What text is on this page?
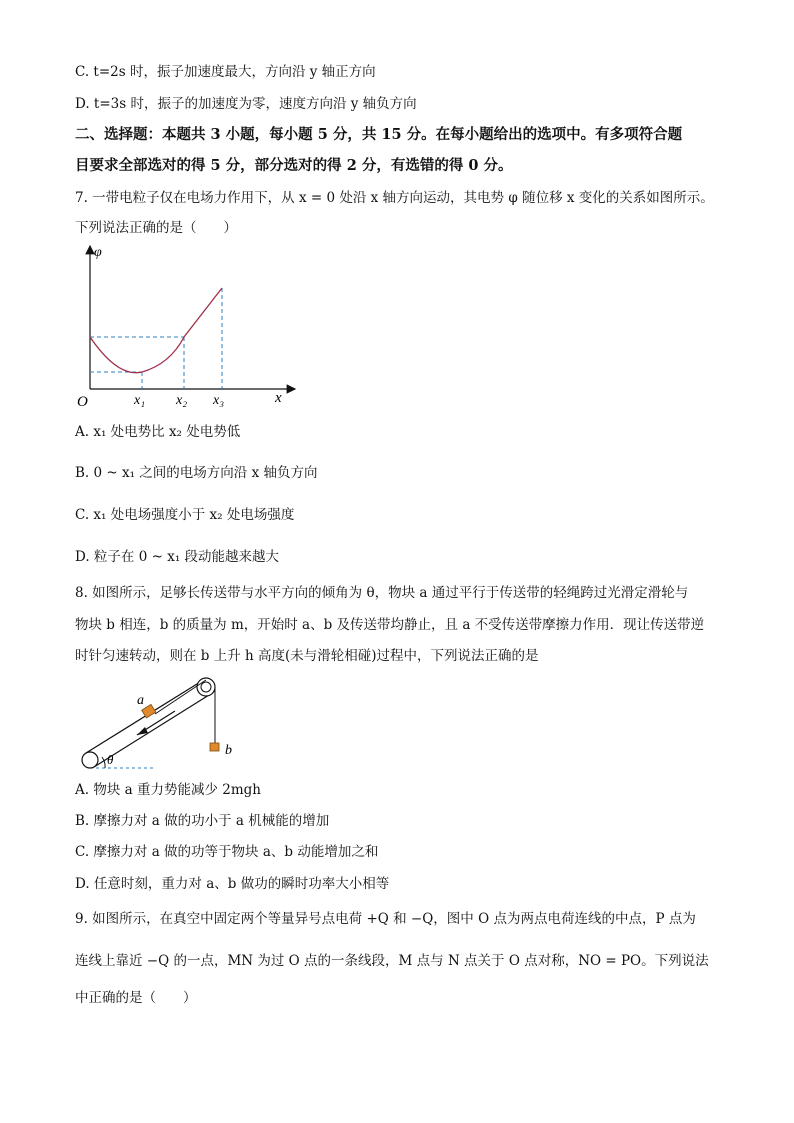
C. t=2s 时，振子加速度最大，方向沿 y 轴正方向
D. t=3s 时，振子的加速度为零，速度方向沿 y 轴负方向
二、选择题：本题共 3 小题，每小题 5 分，共 15 分。在每小题给出的选项中。有多项符合题
目要求全部选对的得 5 分，部分选对的得 2 分，有选错的得 0 分。
7. 一带电粒子仅在电场力作用下，从 x = 0 处沿 x 轴方向运动，其电势 φ 随位移 x 变化的关系如图所示。
下列说法正确的是（　　）
φ
x
O	x₁ x₂ x₃
A. x₁ 处电势比 x₂ 处电势低
B. 0 ~ x₁ 之间的电场方向沿 x 轴负方向
C. x₁ 处电场强度小于 x₂ 处电场强度
D. 粒子在 0 ~ x₁ 段动能越来越大
8. 如图所示，足够长传送带与水平方向的倾角为 θ，物块 a 通过平行于传送带的轻绳跨过光滑定滑轮与
物块 b 相连，b 的质量为 m，开始时 a、b 及传送带均静止，且 a 不受传送带摩擦力作用．现让传送带逆
时针匀速转动，则在 b 上升 h 高度(未与滑轮相碰)过程中，下列说法正确的是
θ
a
b
A. 物块 a 重力势能减少 2mgh
B. 摩擦力对 a 做的功小于 a 机械能的增加
C. 摩擦力对 a 做的功等于物块 a、b 动能增加之和
D. 任意时刻，重力对 a、b 做功的瞬时功率大小相等
9. 如图所示，在真空中固定两个等量异号点电荷 +Q 和 −Q，图中 O 点为两点电荷连线的中点，P 点为
连线上靠近 −Q 的一点，MN 为过 O 点的一条线段，M 点与 N 点关于 O 点对称，NO = PO。下列说法
中正确的是（　　）
